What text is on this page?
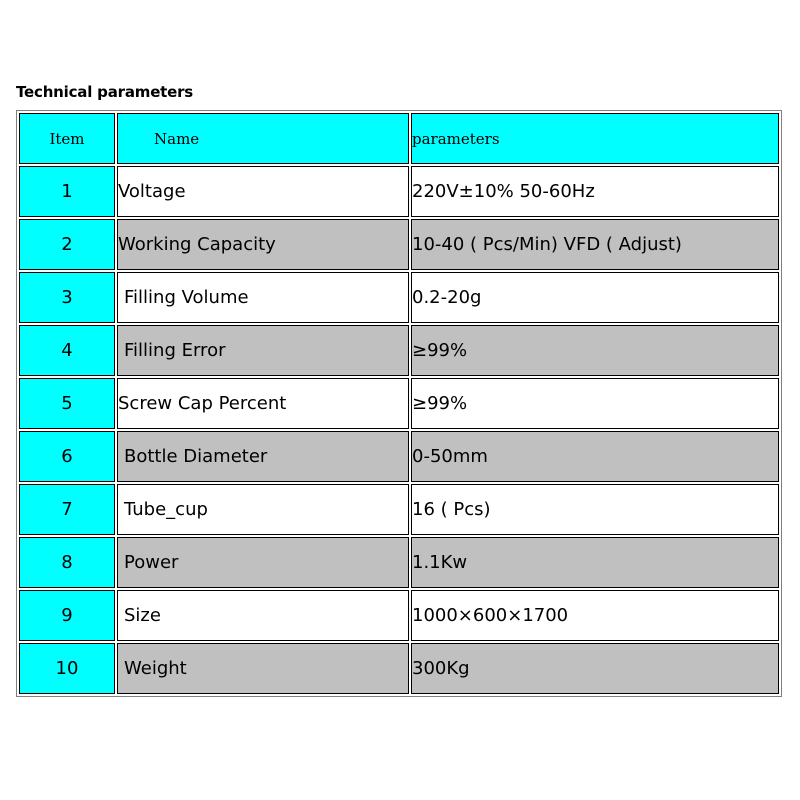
Technical parameters
Item	Name	parameters
1	Voltage	220V±10% 50-60Hz
2	Working Capacity	10-40 ( Pcs/Min) VFD ( Adjust)
3	Filling Volume	0.2-20g
4	Filling Error	≥99%
5	Screw Cap Percent	≥99%
6	Bottle Diameter	0-50mm
7	Tube_cup	16 ( Pcs)
8	Power	1.1Kw
9	Size	1000×600×1700
10	Weight	300Kg
